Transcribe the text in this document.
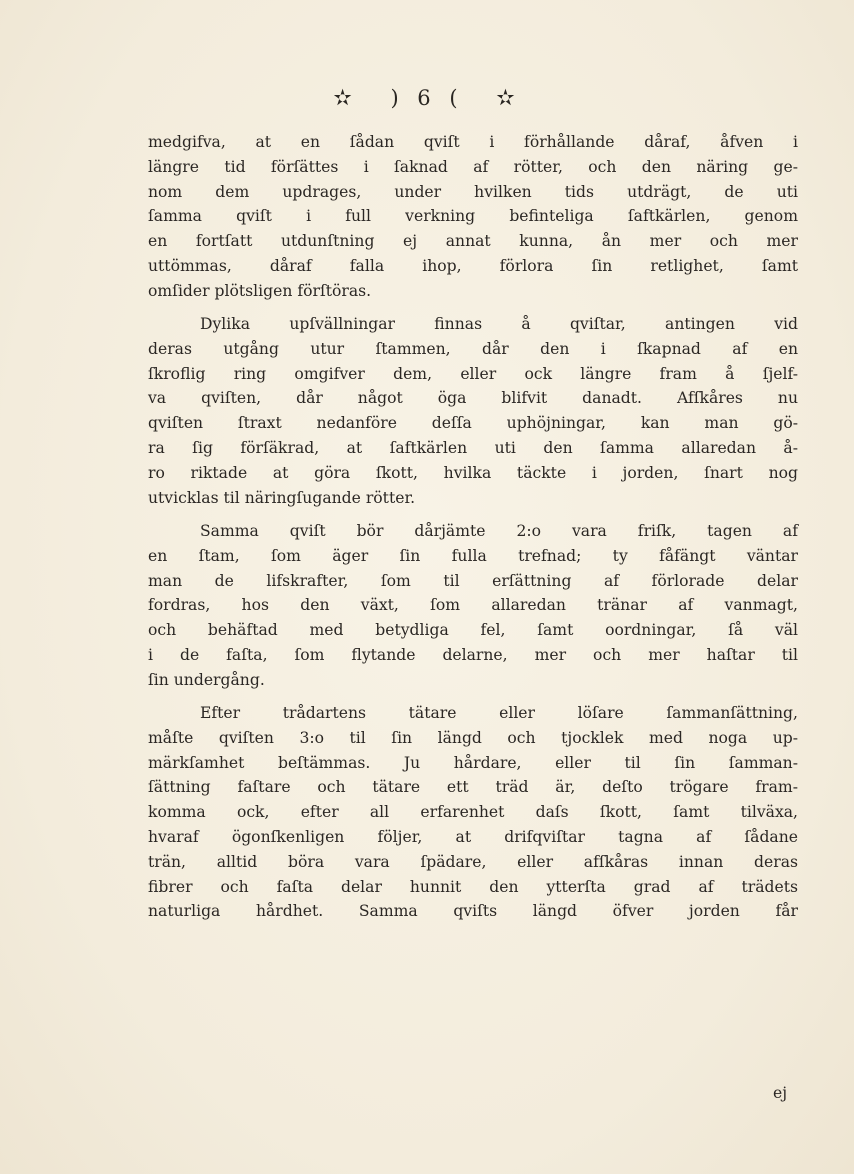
✫ ) 6 ( ✫
medgifva, at en ſådan qviſt i förhållande dåraf, åfven i
längre tid förſättes i ſaknad af rötter, och den näring ge-
nom dem updrages, under hvilken tids utdrägt, de uti
ſamma qviſt i full verkning befinteliga ſaftkärlen, genom
en fortſatt utdunſtning ej annat kunna, ån mer och mer
uttömmas, dåraf falla ihop, förlora ſin retlighet, ſamt
omſider plötsligen förſtöras.
Dylika upſvällningar finnas å qviſtar, antingen vid
deras utgång utur ſtammen, dår den i ſkapnad af en
ſkroflig ring omgifver dem, eller ock längre fram å ſjelf-
va qviſten, dår något öga blifvit danadt. Afſkåres nu
qviſten ſtraxt nedanföre deſſa uphöjningar, kan man gö-
ra ſig förſäkrad, at ſaftkärlen uti den ſamma allaredan å-
ro riktade at göra ſkott, hvilka täckte i jorden, ſnart nog
utvicklas til näringſugande rötter.
Samma qviſt bör dårjämte 2:o vara friſk, tagen af
en ſtam, ſom äger ſin fulla trefnad; ty fåfängt väntar
man de lifskrafter, ſom til erſättning af förlorade delar
fordras, hos den växt, ſom allaredan tränar af vanmagt,
och behäftad med betydliga fel, ſamt oordningar, ſå väl
i de faſta, ſom flytande delarne, mer och mer haſtar til
ſin undergång.
Efter trådartens tätare eller löſare ſammanſättning,
måſte qviſten 3:o til ſin längd och tjocklek med noga up-
märkſamhet beſtämmas. Ju hårdare, eller til ſin ſamman-
ſättning faſtare och tätare ett träd är, deſto trögare fram-
komma ock, efter all erfarenhet daſs ſkott, ſamt tilväxa,
hvaraf ögonſkenligen följer, at drifqviſtar tagna af ſådane
trän, alltid böra vara ſpädare, eller afſkåras innan deras
fibrer och faſta delar hunnit den ytterſta grad af trädets
naturliga hårdhet. Samma qviſts längd öfver jorden får
ej
